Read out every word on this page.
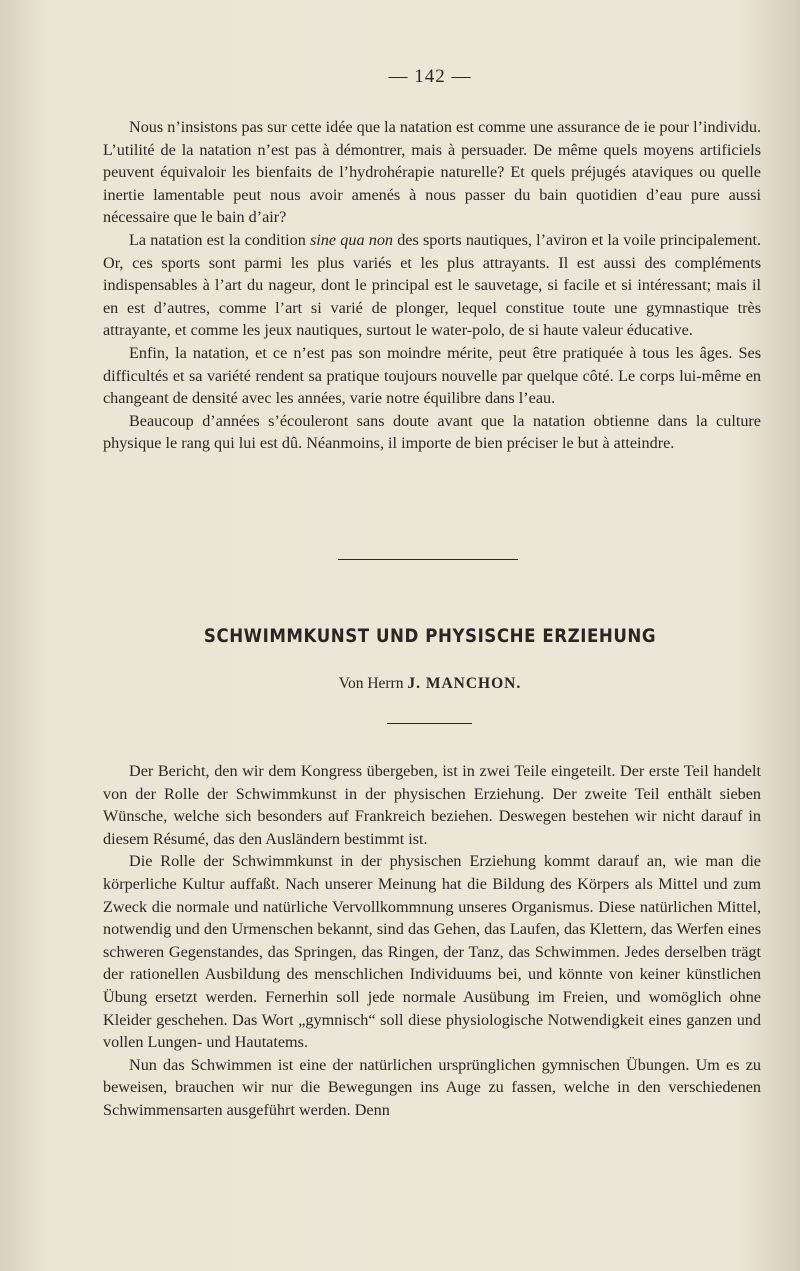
— 142 —

Nous n’insistons pas sur cette idée que la natation est comme une assurance de ie pour l’individu. L’utilité de la natation n’est pas à démontrer, mais à persuader. De même quels moyens artificiels peuvent équivaloir les bienfaits de l’hydrohérapie naturelle? Et quels préjugés ataviques ou quelle inertie lamentable peut nous avoir amenés à nous passer du bain quotidien d’eau pure aussi nécessaire que le bain d’air?

La natation est la condition sine qua non des sports nautiques, l’aviron et la voile principalement. Or, ces sports sont parmi les plus variés et les plus attrayants. Il est aussi des compléments indispensables à l’art du nageur, dont le principal est le sauvetage, si facile et si intéressant; mais il en est d’autres, comme l’art si varié de plonger, lequel constitue toute une gymnastique très attrayante, et comme les jeux nautiques, surtout le water-polo, de si haute valeur éducative.

Enfin, la natation, et ce n’est pas son moindre mérite, peut être pratiquée à tous les âges. Ses difficultés et sa variété rendent sa pratique toujours nouvelle par quelque côté. Le corps lui-même en changeant de densité avec les années, varie notre équilibre dans l’eau.

Beaucoup d’années s’écouleront sans doute avant que la natation obtienne dans la culture physique le rang qui lui est dû. Néanmoins, il importe de bien préciser le but à atteindre.

SCHWIMMKUNST UND PHYSISCHE ERZIEHUNG
Von Herrn J. MANCHON.

Der Bericht, den wir dem Kongress übergeben, ist in zwei Teile eingeteilt. Der erste Teil handelt von der Rolle der Schwimmkunst in der physischen Erziehung. Der zweite Teil enthält sieben Wünsche, welche sich besonders auf Frankreich beziehen. Deswegen bestehen wir nicht darauf in diesem Résumé, das den Ausländern bestimmt ist.

Die Rolle der Schwimmkunst in der physischen Erziehung kommt darauf an, wie man die körperliche Kultur auffaßt. Nach unserer Meinung hat die Bildung des Körpers als Mittel und zum Zweck die normale und natürliche Vervollkommnung unseres Organismus. Diese natürlichen Mittel, notwendig und den Urmenschen bekannt, sind das Gehen, das Laufen, das Klettern, das Werfen eines schweren Gegenstandes, das Springen, das Ringen, der Tanz, das Schwimmen. Jedes derselben trägt der rationellen Ausbildung des menschlichen Individuums bei, und könnte von keiner künstlichen Übung ersetzt werden. Fernerhin soll jede normale Ausübung im Freien, und womöglich ohne Kleider geschehen. Das Wort „gymnisch“ soll diese physiologische Notwendigkeit eines ganzen und vollen Lungen- und Hautatems.

Nun das Schwimmen ist eine der natürlichen ursprünglichen gymnischen Übungen. Um es zu beweisen, brauchen wir nur die Bewegungen ins Auge zu fassen, welche in den verschiedenen Schwimmensarten ausgeführt werden. Denn
